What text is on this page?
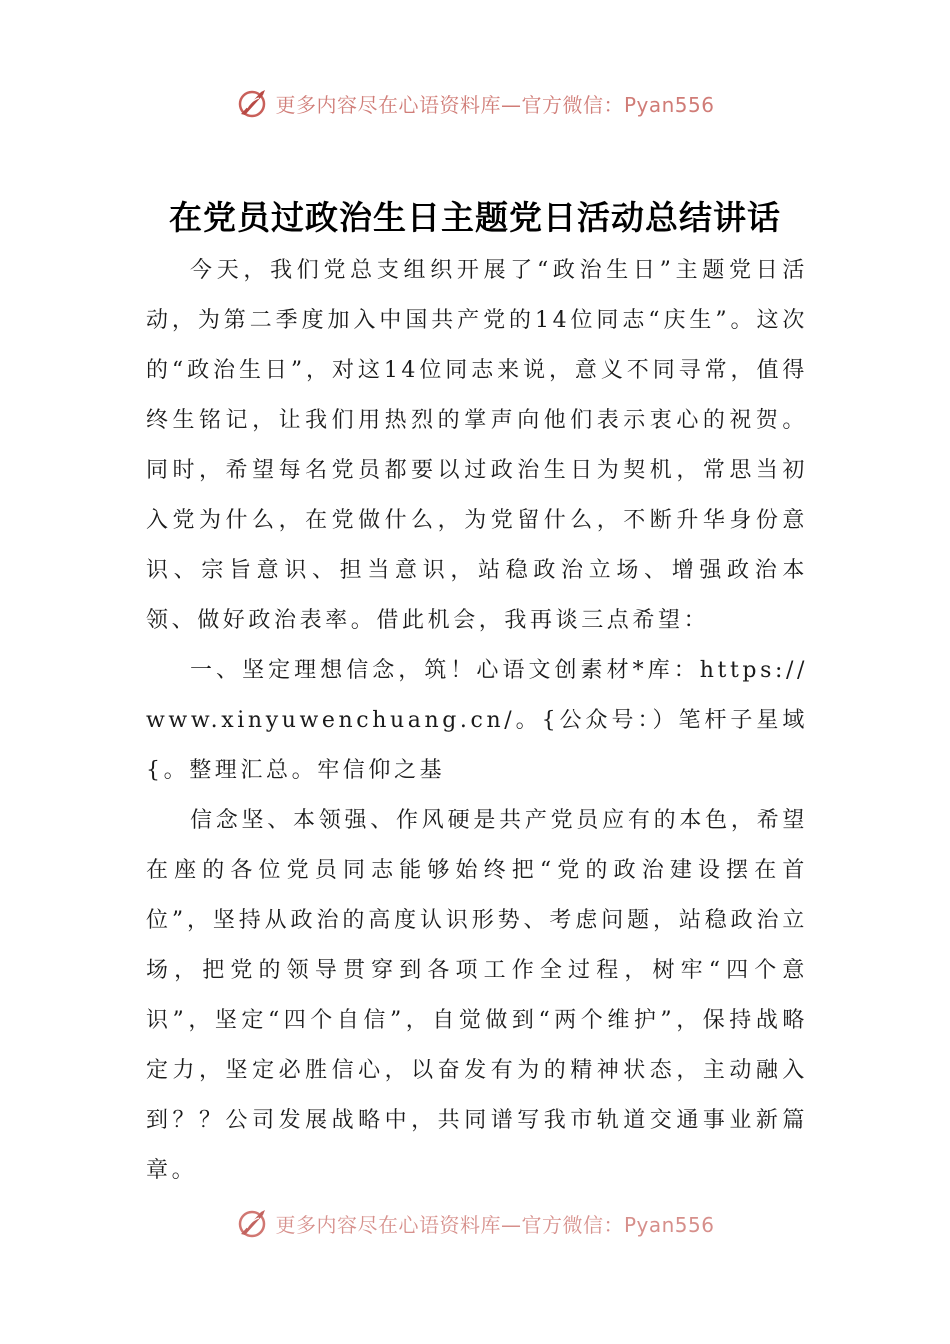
更多内容尽在心语资料库—官方微信：Pyan556
在党员过政治生日主题党日活动总结讲话

今天，我们党总支组织开展了“政治生日”主题党日活动，为第二季度加入中国共产党的14位同志“庆生”。这次的“政治生日”，对这14位同志来说，意义不同寻常，值得终生铭记，让我们用热烈的掌声向他们表示衷心的祝贺。同时，希望每名党员都要以过政治生日为契机，常思当初入党为什么，在党做什么，为党留什么，不断升华身份意识、宗旨意识、担当意识，站稳政治立场、增强政治本领、做好政治表率。借此机会，我再谈三点希望：

一、坚定理想信念，筑！心语文创素材*库：https://www.xinyuwenchuang.cn/。{公众号：）笔杆子星域{。整理汇总。牢信仰之基

信念坚、本领强、作风硬是共产党员应有的本色，希望在座的各位党员同志能够始终把“党的政治建设摆在首位”，坚持从政治的高度认识形势、考虑问题，站稳政治立场，把党的领导贯穿到各项工作全过程，树牢“四个意识”，坚定“四个自信”，自觉做到“两个维护”，保持战略定力，坚定必胜信心，以奋发有为的精神状态，主动融入到？？公司发展战略中，共同谱写我市轨道交通事业新篇章。

更多内容尽在心语资料库—官方微信：Pyan556
